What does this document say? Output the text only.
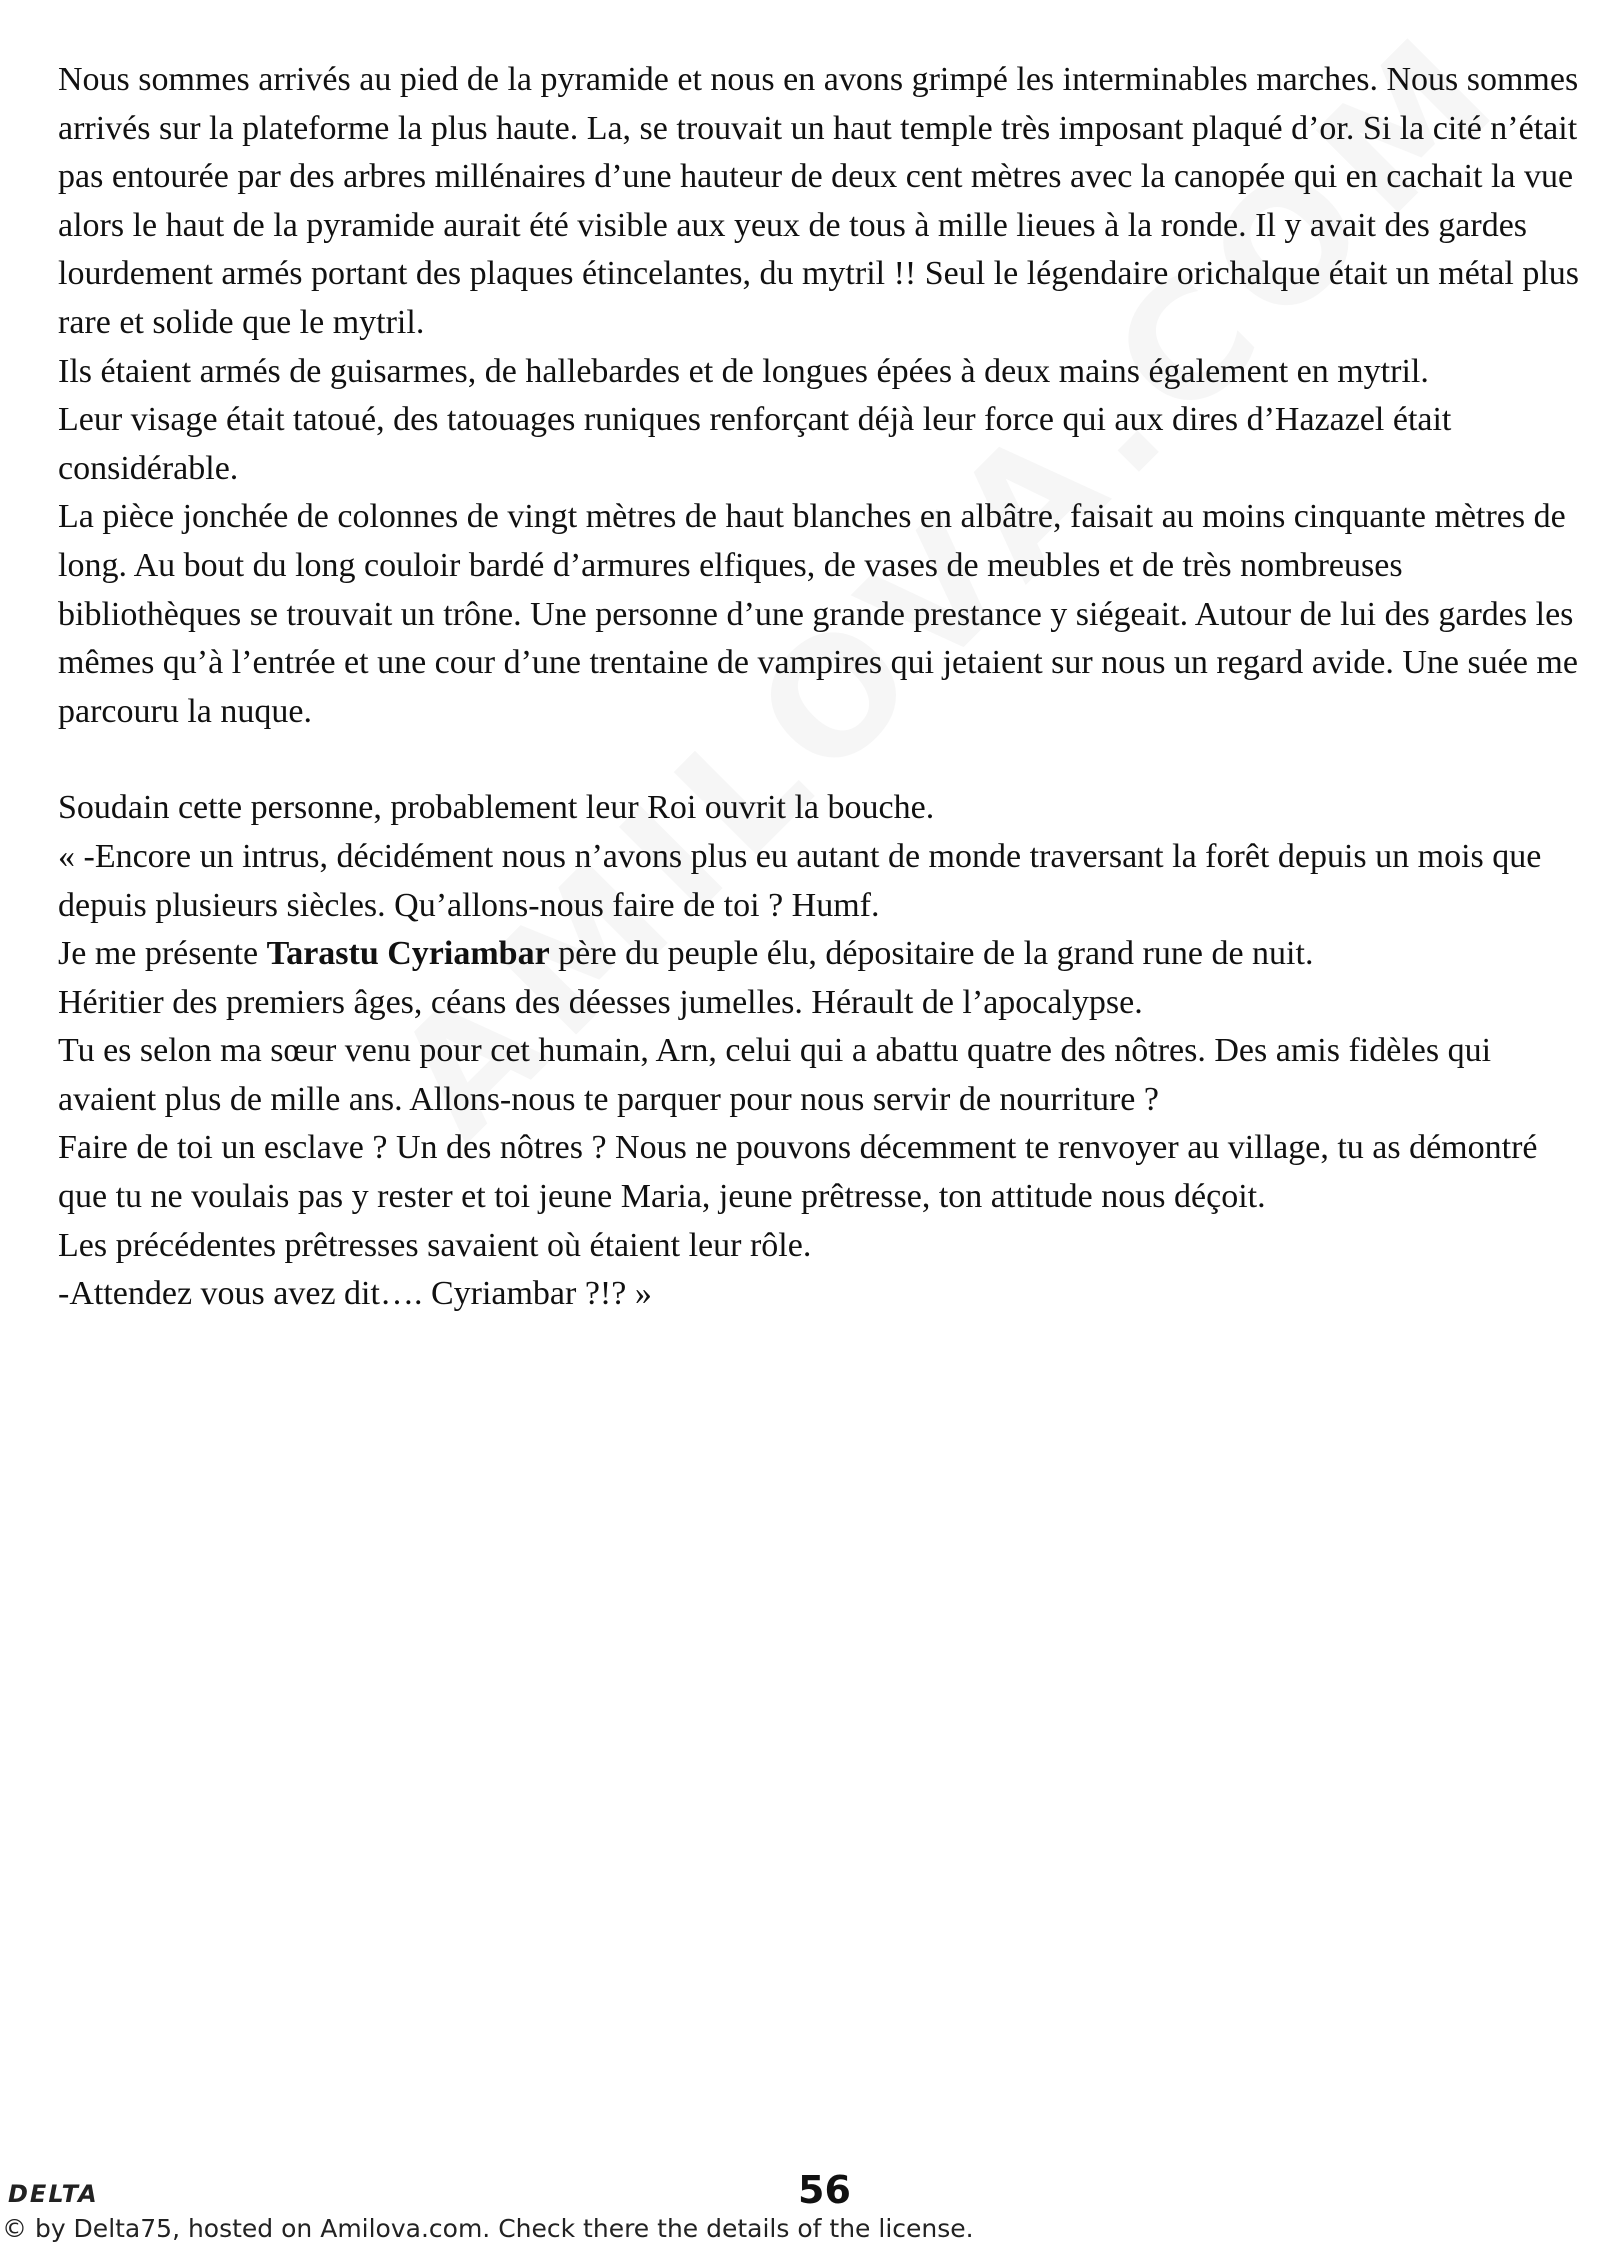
Nous sommes arrivés au pied de la pyramide et nous en avons grimpé les interminables marches. Nous sommes arrivés sur la plateforme la plus haute. La, se trouvait un haut temple très imposant plaqué d’or. Si la cité n’était pas entourée par des arbres millénaires d’une hauteur de deux cent mètres avec la canopée qui en cachait la vue alors le haut de la pyramide aurait été visible aux yeux de tous à mille lieues à la ronde. Il y avait des gardes lourdement armés portant des plaques étincelantes, du mytril !! Seul le légendaire orichalque était un métal plus rare et solide que le mytril.

Ils étaient armés de guisarmes, de hallebardes et de longues épées à deux mains également en mytril.

Leur visage était tatoué, des tatouages runiques renforçant déjà leur force qui aux dires d’Hazazel était considérable.

La pièce jonchée de colonnes de vingt mètres de haut blanches en albâtre, faisait au moins cinquante mètres de long. Au bout du long couloir bardé d’armures elfiques, de vases de meubles et de très nombreuses bibliothèques se trouvait un trône. Une personne d’une grande prestance y siégeait. Autour de lui des gardes les mêmes qu’à l’entrée et une cour d’une trentaine de vampires qui jetaient sur nous un regard avide. Une suée me parcouru la nuque.

Soudain cette personne, probablement leur Roi ouvrit la bouche.

« -Encore un intrus, décidément nous n’avons plus eu autant de monde traversant la forêt depuis un mois que depuis plusieurs siècles. Qu’allons-nous faire de toi ? Humf.

Je me présente Tarastu Cyriambar père du peuple élu, dépositaire de la grand rune de nuit.

Héritier des premiers âges, céans des déesses jumelles. Hérault de l’apocalypse.

Tu es selon ma sœur venu pour cet humain, Arn, celui qui a abattu quatre des nôtres. Des amis fidèles qui avaient plus de mille ans. Allons-nous te parquer pour nous servir de nourriture ?

Faire de toi un esclave ? Un des nôtres ? Nous ne pouvons décemment te renvoyer au village, tu as démontré que tu ne voulais pas y rester et toi jeune Maria, jeune prêtresse, ton attitude nous déçoit.

Les précédentes prêtresses savaient où étaient leur rôle.

-Attendez vous avez dit…. Cyriambar ?!? »

DELTA	56
© by Delta75, hosted on Amilova.com. Check there the details of the license.
